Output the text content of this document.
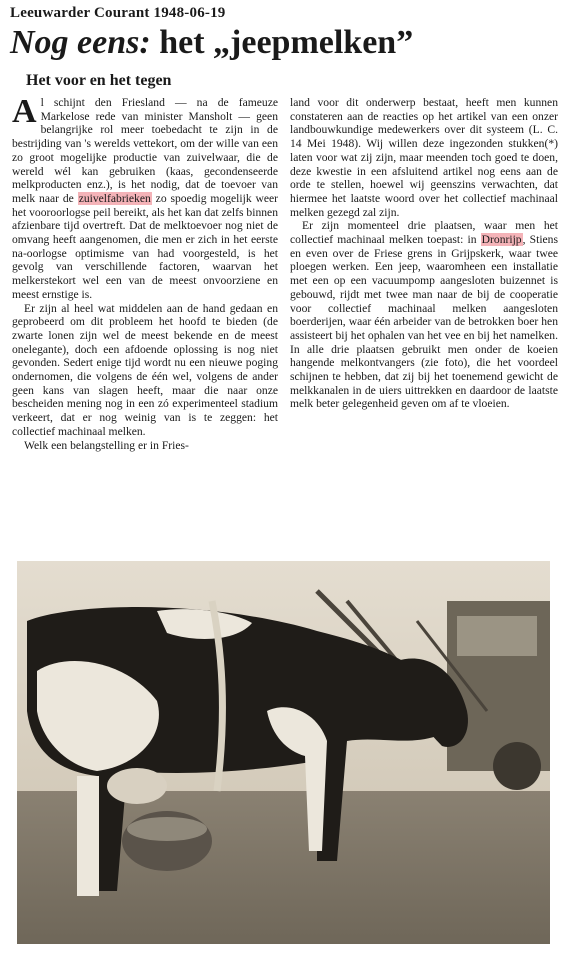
Leeuwarder Courant 1948-06-19
Nog eens: het „jeepmelken”
Het voor en het tegen

Al schijnt den Friesland — na de fameuze Markelose rede van minister Mansholt — geen belangrijke rol meer toebedacht te zijn in de bestrijding van 's werelds vettekort, om der wille van een zo groot mogelijke productie van zuivelwaar, die de wereld wél kan gebruiken (kaas, gecondenseerde melkproducten enz.), is het nodig, dat de toevoer van melk naar de zuivelfabrieken zo spoedig mogelijk weer het vooroorlogse peil bereikt, als het kan dat zelfs binnen afzienbare tijd overtreft. Dat de melktoevoer nog niet de omvang heeft aangenomen, die men er zich in het eerste na-oorlogse optimisme van had voorgesteld, is het gevolg van verschillende factoren, waarvan het melkerstekort wel een van de meest onvoorziene en meest ernstige is.

Er zijn al heel wat middelen aan de hand gedaan en geprobeerd om dit probleem het hoofd te bieden (de zwarte lonen zijn wel de meest bekende en de meest onelegante), doch een afdoende oplossing is nog niet gevonden. Sedert enige tijd wordt nu een nieuwe poging ondernomen, die volgens de één wel, volgens de ander geen kans van slagen heeft, maar die naar onze bescheiden mening nog in een zó experimenteel stadium verkeert, dat er nog weinig van is te zeggen: het collectief machinaal melken.

Welk een belangstelling er in Fries-

land voor dit onderwerp bestaat, heeft men kunnen constateren aan de reacties op het artikel van een onzer landbouwkundige medewerkers over dit systeem (L. C. 14 Mei 1948). Wij willen deze ingezonden stukken(*) laten voor wat zij zijn, maar meenden toch goed te doen, deze kwestie in een afsluitend artikel nog eens aan de orde te stellen, hoewel wij geenszins verwachten, dat hiermee het laatste woord over het collectief machinaal melken gezegd zal zijn.

Er zijn momenteel drie plaatsen, waar men het collectief machinaal melken toepast: in Dronrijp, Stiens en even over de Friese grens in Grijpskerk, waar twee ploegen werken. Een jeep, waaromheen een installatie met een op een vacuumpomp aangesloten buizennet is gebouwd, rijdt met twee man naar de bij de cooperatie voor collectief machinaal melken aangesloten boerderijen, waar één arbeider van de betrokken boer hen assisteert bij het ophalen van het vee en bij het namelken. In alle drie plaatsen gebruikt men onder de koeien hangende melkontvangers (zie foto), die het voordeel schijnen te hebben, dat zij bij het toenemend gewicht de melkkanalen in de uiers uittrekken en daardoor de laatste melk beter gelegenheid geven om af te vloeien.
